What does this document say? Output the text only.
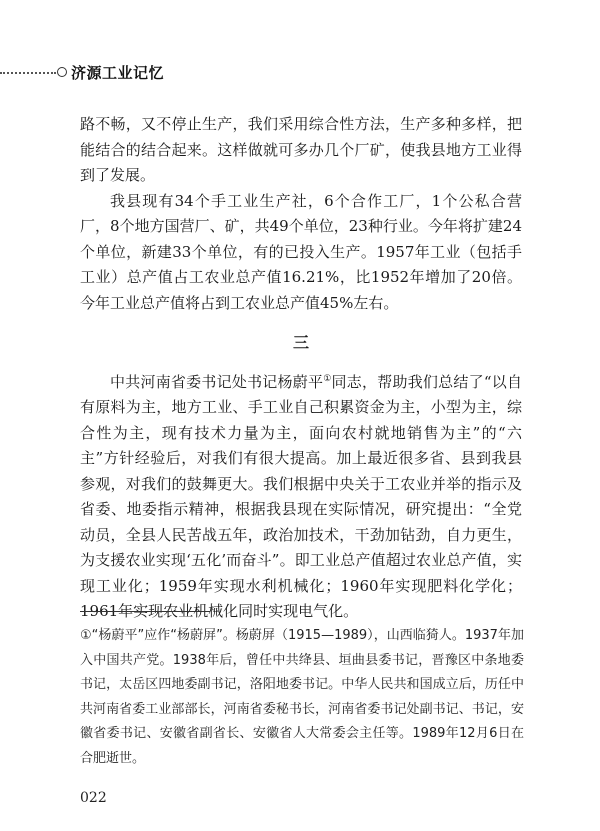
济源工业记忆

路不畅，又不停止生产，我们采用综合性方法，生产多种多样，把能结合的结合起来。这样做就可多办几个厂矿，使我县地方工业得到了发展。

我县现有34个手工业生产社，6个合作工厂，1个公私合营厂，8个地方国营厂、矿，共49个单位，23种行业。今年将扩建24个单位，新建33个单位，有的已投入生产。1957年工业（包括手工业）总产值占工农业总产值16.21%，比1952年增加了20倍。今年工业总产值将占到工农业总产值45%左右。

三

中共河南省委书记处书记杨蔚平①同志，帮助我们总结了“以自有原料为主，地方工业、手工业自己积累资金为主，小型为主，综合性为主，现有技术力量为主，面向农村就地销售为主”的“六主”方针经验后，对我们有很大提高。加上最近很多省、县到我县参观，对我们的鼓舞更大。我们根据中央关于工农业并举的指示及省委、地委指示精神，根据我县现在实际情况，研究提出：“全党动员，全县人民苦战五年，政治加技术，干劲加钻劲，自力更生，为支援农业实现‘五化’而奋斗”。即工业总产值超过农业总产值，实现工业化；1959年实现水利机械化；1960年实现肥料化学化；1961年实现农业机械化同时实现电气化。

①“杨蔚平”应作“杨蔚屏”。杨蔚屏（1915—1989），山西临猗人。1937年加入中国共产党。1938年后，曾任中共绛县、垣曲县委书记，晋豫区中条地委书记，太岳区四地委副书记，洛阳地委书记。中华人民共和国成立后，历任中共河南省委工业部部长，河南省委秘书长，河南省委书记处副书记、书记，安徽省委书记、安徽省副省长、安徽省人大常委会主任等。1989年12月6日在合肥逝世。
022
